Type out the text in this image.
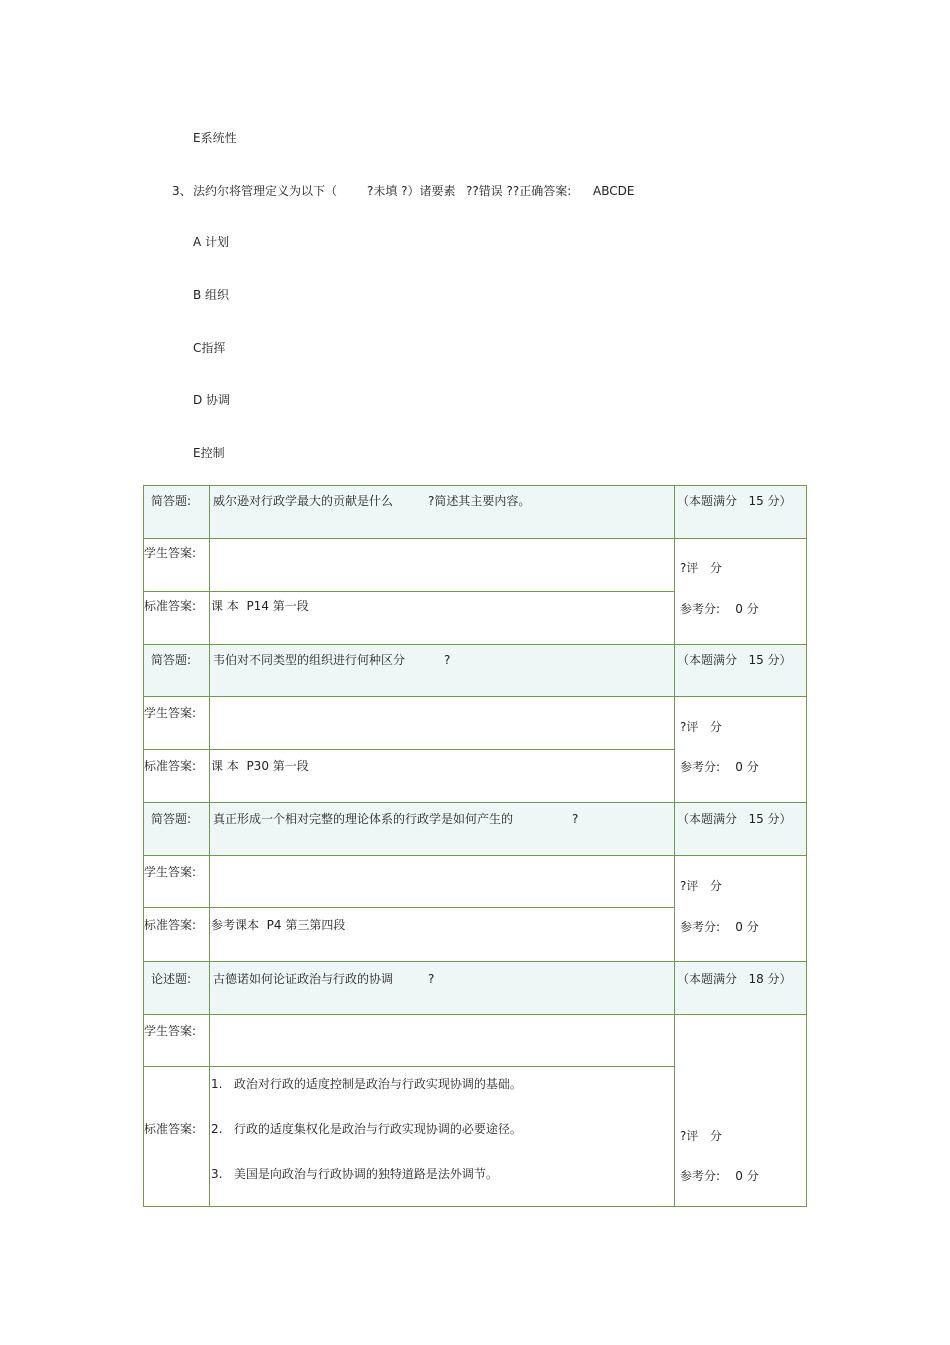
E系统性

3、

法约尔将管理定义为以下（

?未填 ?）诸要素

??错误 ??正确答案:

ABCDE

A 计划
B 组织
C指挥
D 协调
E控制
简答题: 威尔逊对行政学最大的贡献是什么	?简述其主要内容。	（本题满分   15 分）
学生答案:
标准答案: 课 本  P14 第一段
?评   分
参考分:    0 分
简答题: 韦伯对不同类型的组织进行何种区分	?	（本题满分   15 分）
学生答案:
标准答案: 课 本  P30 第一段
?评   分
参考分:    0 分
简答题: 真正形成一个相对完整的理论体系的行政学是如何产生的	?	（本题满分   15 分）
学生答案:
标准答案: 参考课本  P4 第三第四段
?评   分
参考分:    0 分
论述题: 古德诺如何论证政治与行政的协调	?	（本题满分   18 分）
学生答案:
标准答案:
1.   政治对行政的适度控制是政治与行政实现协调的基础。
2.   行政的适度集权化是政治与行政实现协调的必要途径。
3.   美国是向政治与行政协调的独特道路是法外调节。
?评   分
参考分:    0 分
